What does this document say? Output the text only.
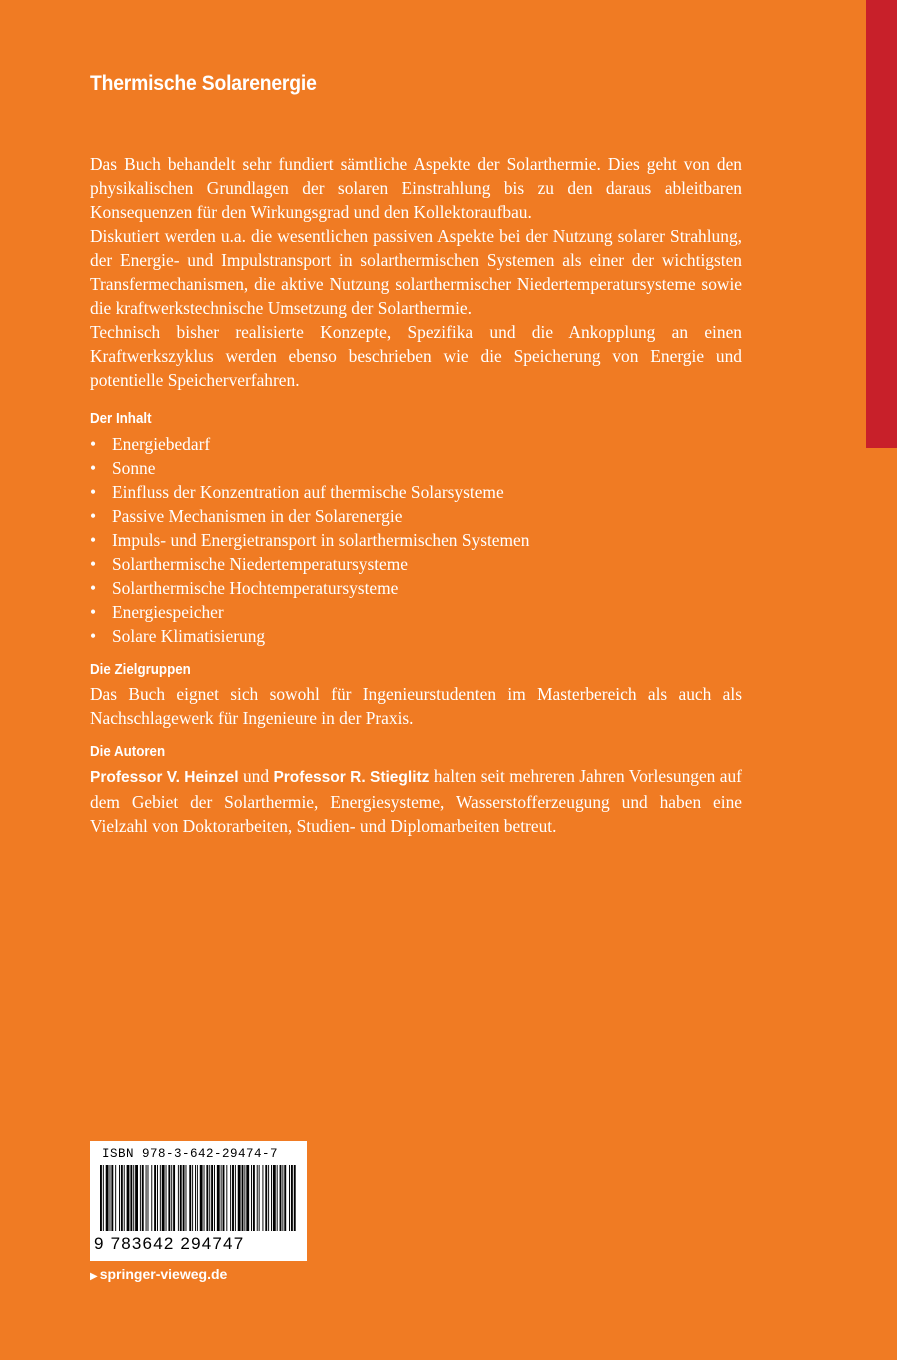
Thermische Solarenergie

Das Buch behandelt sehr fundiert sämtliche Aspekte der Solarthermie. Dies geht von den physikalischen Grundlagen der solaren Einstrahlung bis zu den daraus ableitbaren Konsequenzen für den Wirkungsgrad und den Kollektoraufbau.

Diskutiert werden u.a. die wesentlichen passiven Aspekte bei der Nutzung solarer Strahlung, der Energie- und Impulstransport in solarthermischen Systemen als einer der wichtigsten Transfermechanismen, die aktive Nutzung solarthermischer Niedertemperatursysteme sowie die kraftwerkstechnische Umsetzung der Solarthermie.

Technisch bisher realisierte Konzepte, Spezifika und die Ankopplung an einen Kraftwerkszyklus werden ebenso beschrieben wie die Speicherung von Energie und potentielle Speicherverfahren.

Der Inhalt
• Energiebedarf
• Sonne
• Einfluss der Konzentration auf thermische Solarsysteme
• Passive Mechanismen in der Solarenergie
• Impuls- und Energietransport in solarthermischen Systemen
• Solarthermische Niedertemperatursysteme
• Solarthermische Hochtemperatursysteme
• Energiespeicher
• Solare Klimatisierung
Die Zielgruppen

Das Buch eignet sich sowohl für Ingenieurstudenten im Masterbereich als auch als Nachschlagewerk für Ingenieure in der Praxis.

Die Autoren

Professor V. Heinzel und Professor R. Stieglitz halten seit mehreren Jahren Vorlesungen auf dem Gebiet der Solarthermie, Energiesysteme, Wasserstofferzeugung und haben eine Vielzahl von Doktorarbeiten, Studien- und Diplomarbeiten betreut.

ISBN 978-3-642-29474-7
9 783642 294747
▶ springer-vieweg.de
